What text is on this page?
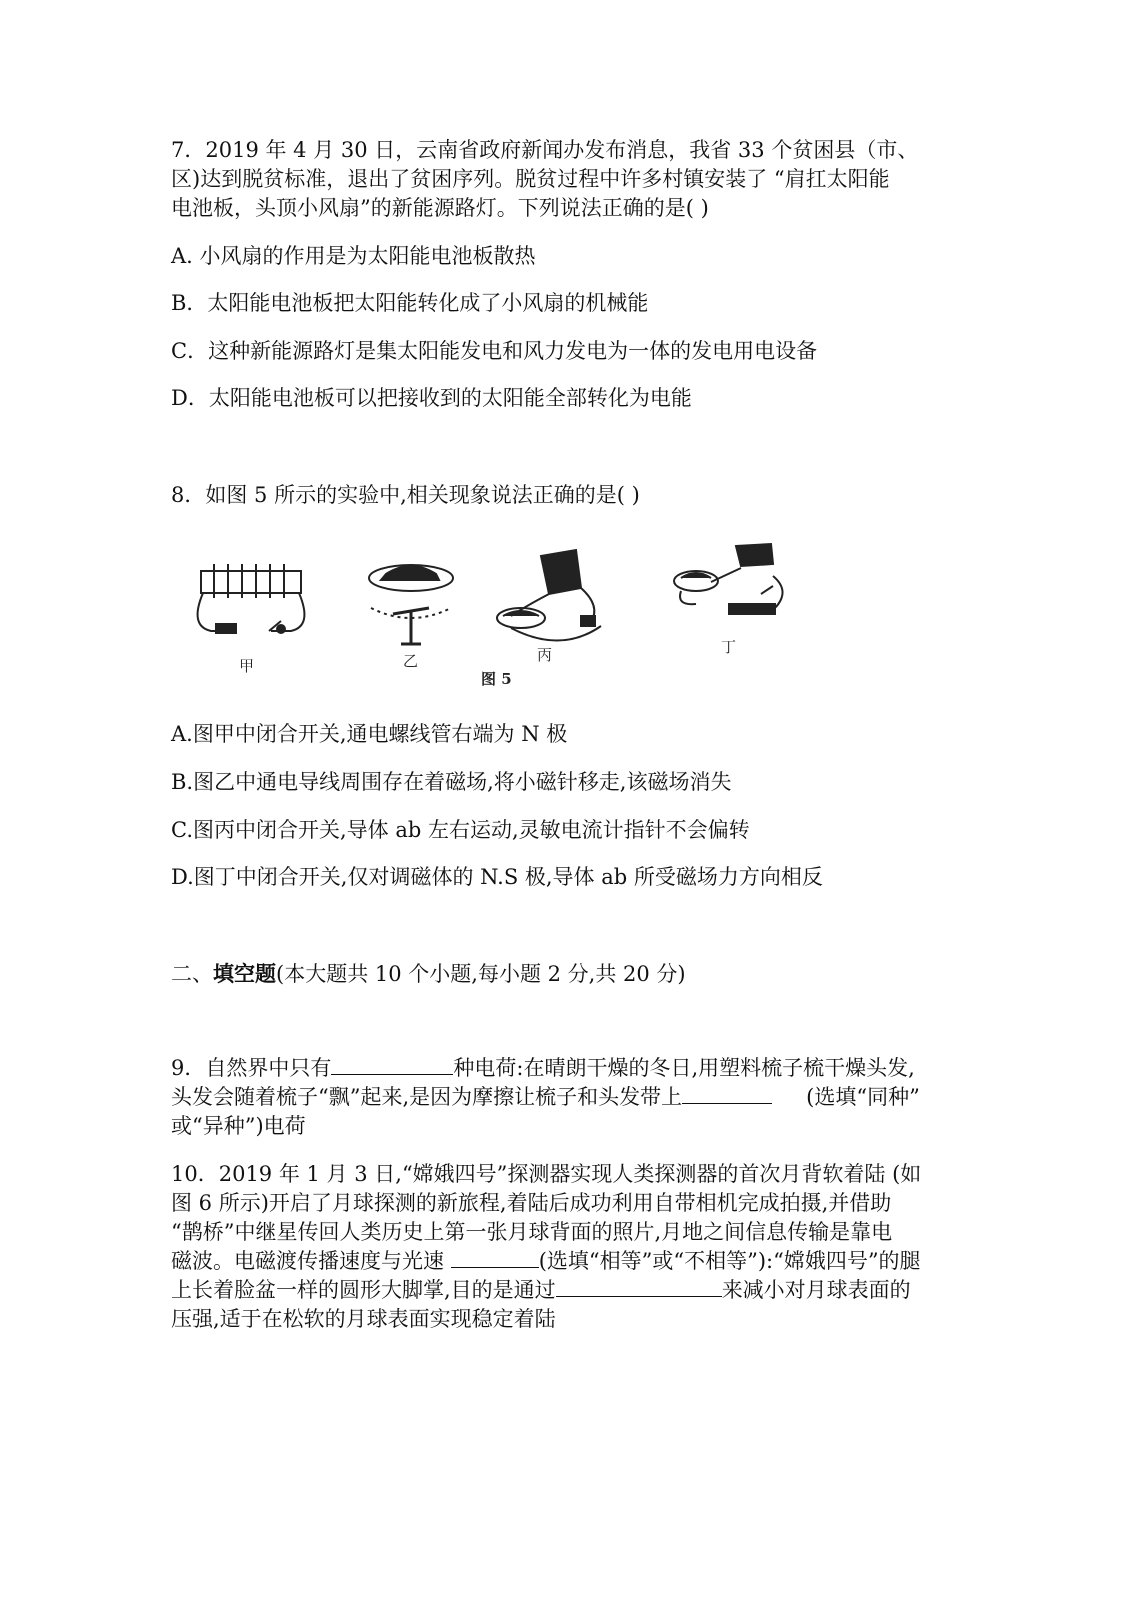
7．2019 年 4 月 30 日，云南省政府新闻办发布消息，我省 33 个贫困县（市、

区)达到脱贫标准，退出了贫困序列。脱贫过程中许多村镇安装了 “肩扛太阳能

电池板，头顶小风扇”的新能源路灯。下列说法正确的是( )

A. 小风扇的作用是为太阳能电池板散热
B．太阳能电池板把太阳能转化成了小风扇的机械能
C．这种新能源路灯是集太阳能发电和风力发电为一体的发电用电设备
D．太阳能电池板可以把接收到的太阳能全部转化为电能
8．如图 5 所示的实验中,相关现象说法正确的是( )
甲	乙	丙	丁
图 5
A.图甲中闭合开关,通电螺线管右端为 N 极
B.图乙中通电导线周围存在着磁场,将小磁针移走,该磁场消失
C.图丙中闭合开关,导体 ab 左右运动,灵敏电流计指针不会偏转
D.图丁中闭合开关,仅对调磁体的 N.S 极,导体 ab 所受磁场力方向相反
二、填空题(本大题共 10 个小题,每小题 2 分,共 20 分)

9．自然界中只有	种电荷:在晴朗干燥的冬日,用塑料梳子梳干燥头发,

头发会随着梳子“飘”起来,是因为摩擦让梳子和头发带上	(选填“同种”

或“异种”)电荷

10．2019 年 1 月 3 日,“嫦娥四号”探测器实现人类探测器的首次月背软着陆 (如

图 6 所示)开启了月球探测的新旅程,着陆后成功利用自带相机完成拍摄,并借助

“鹊桥”中继星传回人类历史上第一张月球背面的照片,月地之间信息传输是靠电

磁波。电磁渡传播速度与光速	(选填“相等”或“不相等”):“嫦娥四号”的腿

上长着脸盆一样的圆形大脚掌,目的是通过	来减小对月球表面的

压强,适于在松软的月球表面实现稳定着陆
